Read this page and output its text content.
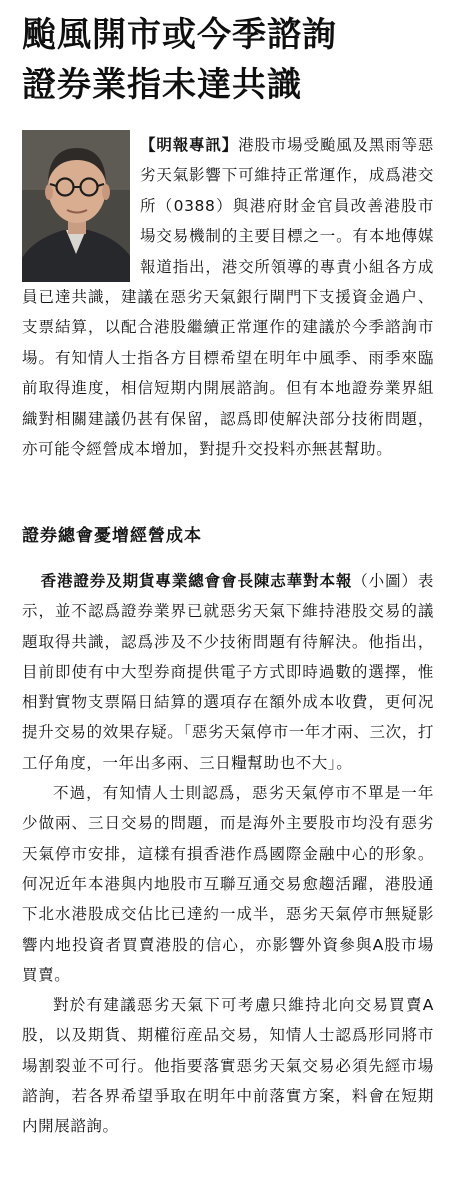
颱風開市或今季諮詢
證券業指未達共識

【明報專訊】港股市場受颱風及黑雨等惡劣天氣影響下可維持正常運作，成爲港交所（0388）與港府財金官員改善港股市場交易機制的主要目標之一。有本地傳媒報道指出，港交所領導的專責小組各方成員已達共識，建議在惡劣天氣銀行閘門下支援資金過户、支票結算，以配合港股繼續正常運作的建議於今季諮詢市場。有知情人士指各方目標希望在明年中風季、雨季來臨前取得進度，相信短期内開展諮詢。但有本地證券業界組織對相關建議仍甚有保留，認爲即使解決部分技術問題，亦可能令經營成本增加，對提升交投料亦無甚幫助。

證券總會憂增經營成本

香港證券及期貨專業總會會長陳志華對本報（小圖）表示，並不認爲證券業界已就惡劣天氣下維持港股交易的議題取得共識，認爲涉及不少技術問題有待解決。他指出，目前即使有中大型券商提供電子方式即時過數的選擇，惟相對實物支票隔日結算的選項存在額外成本收費，更何况提升交易的效果存疑。「惡劣天氣停市一年才兩、三次，打工仔角度，一年出多兩、三日糧幫助也不大」。

不過，有知情人士則認爲，惡劣天氣停市不單是一年少做兩、三日交易的問題，而是海外主要股市均没有惡劣天氣停市安排，這樣有損香港作爲國際金融中心的形象。何况近年本港與内地股市互聯互通交易愈趨活躍，港股通下北水港股成交佔比已達約一成半，惡劣天氣停市無疑影響内地投資者買賣港股的信心，亦影響外資參與A股市場買賣。

對於有建議惡劣天氣下可考慮只維持北向交易買賣A股，以及期貨、期權衍産品交易，知情人士認爲形同將市場割裂並不可行。他指要落實惡劣天氣交易必須先經市場諮詢，若各界希望爭取在明年中前落實方案，料會在短期内開展諮詢。
